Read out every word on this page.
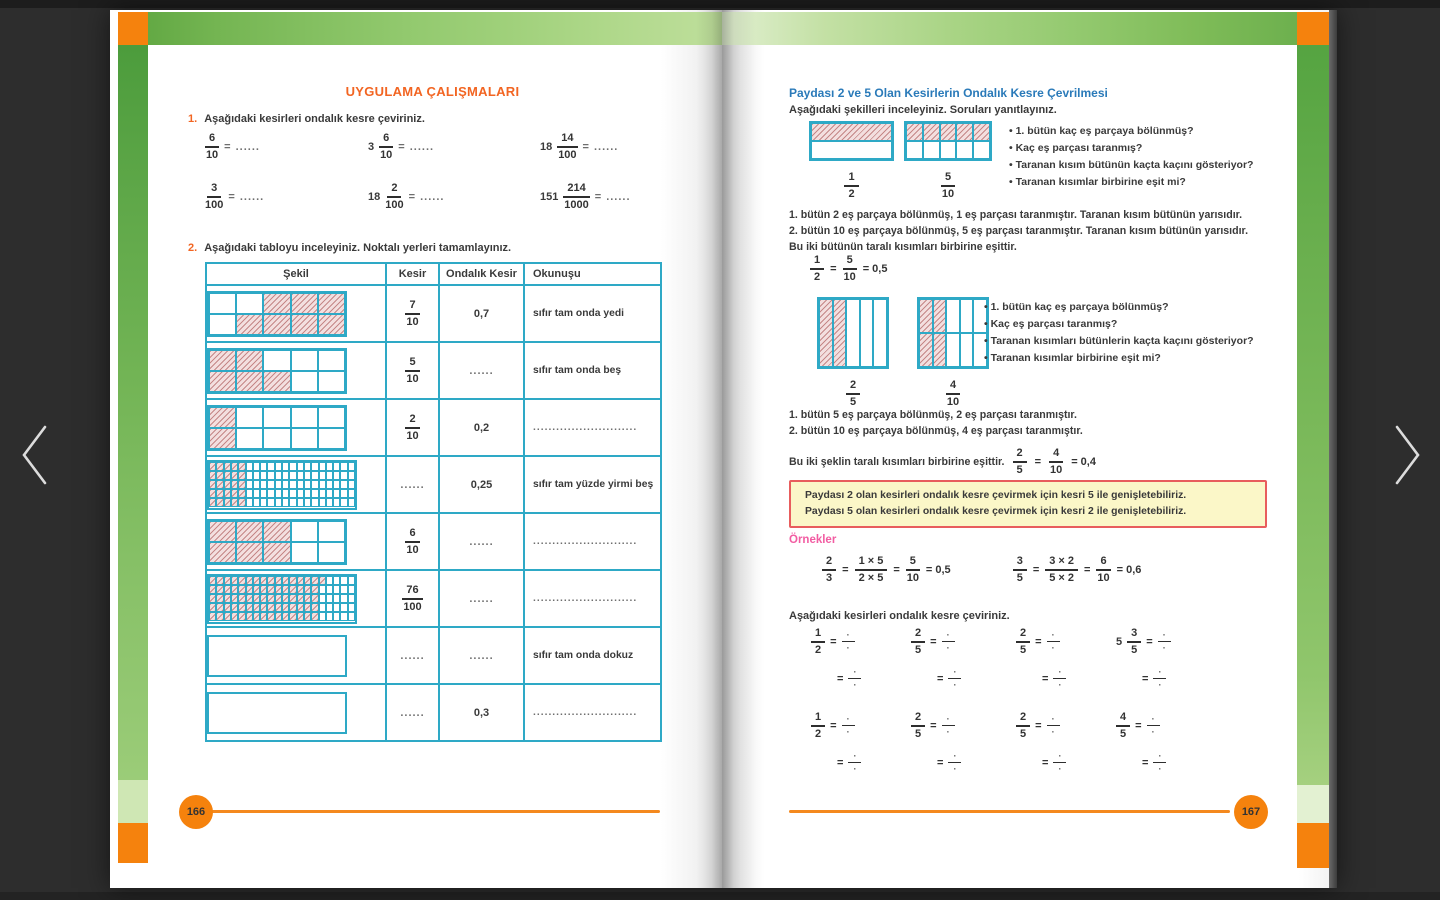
UYGULAMA ÇALIŞMALARI
1. Aşağıdaki kesirleri ondalık kesre çeviriniz.
$\frac{6}{10}$ = ......	$3 \frac{6}{10}$ = ......	$18 \frac{14}{100}$ = ......
$\frac{3}{100}$ = ......	$18 \frac{2}{100}$ = ......	$151 \frac{214}{1000}$ = ......
2. Aşağıdaki tabloyu inceleyiniz. Noktalı yerleri tamamlayınız.
Şekil	Kesir	Ondalık Kesir	Okunuşu

	$\frac{7}{10}$	0,7	sıfır tam onda yedi

	$\frac{5}{10}$	......	sıfır tam onda beş

	$\frac{2}{10}$	0,2	...........................

	......	0,25	sıfır tam yüzde yirmi beş

	$\frac{6}{10}$	......	...........................

	$\frac{76}{100}$	......	...........................

	......	......	sıfır tam onda dokuz

	......	0,3	...........................
166
Paydası 2 ve 5 Olan Kesirlerin Ondalık Kesre Çevrilmesi
Aşağıdaki şekilleri inceleyiniz. Soruları yanıtlayınız.
$\frac{1}{2}$	$\frac{5}{10}$
• 1. bütün kaç eş parçaya bölünmüş?
• Kaç eş parçası taranmış?
• Taranan kısım bütünün kaçta kaçını gösteriyor?
• Taranan kısımlar birbirine eşit mi?
1. bütün 2 eş parçaya bölünmüş, 1 eş parçası taranmıştır. Taranan kısım bütünün yarısıdır.
2. bütün 10 eş parçaya bölünmüş, 5 eş parçası taranmıştır. Taranan kısım bütünün yarısıdır.
Bu iki bütünün taralı kısımları birbirine eşittir.
$\frac{1}{2} = \frac{5}{10} = 0,5$
$\frac{2}{5}$	$\frac{4}{10}$
• 1. bütün kaç eş parçaya bölünmüş?
• Kaç eş parçası taranmış?
• Taranan kısımları bütünlerin kaçta kaçını gösteriyor?
• Taranan kısımlar birbirine eşit mi?
1. bütün 5 eş parçaya bölünmüş, 2 eş parçası taranmıştır.
2. bütün 10 eş parçaya bölünmüş, 4 eş parçası taranmıştır.
Bu iki şeklin taralı kısımları birbirine eşittir. $\frac{2}{5} = \frac{4}{10} = 0,4$
Paydası 2 olan kesirleri ondalık kesre çevirmek için kesri 5 ile genişletebiliriz.
Paydası 5 olan kesirleri ondalık kesre çevirmek için kesri 2 ile genişletebiliriz.
Örnekler
$\frac{2}{3} = \frac{1 \times 5}{2 \times 5} = \frac{5}{10} = 0,5$	$\frac{3}{5} = \frac{3 \times 2}{5 \times 2} = \frac{6}{10} = 0,6$
Aşağıdaki kesirleri ondalık kesre çeviriniz.
$\frac{1}{2} = \frac{\cdot}{\cdot}$
= $\frac{\cdot}{\cdot}$
$\frac{2}{5} = \frac{\cdot}{\cdot}$
= $\frac{\cdot}{\cdot}$
$\frac{2}{5} = \frac{\cdot}{\cdot}$
= $\frac{\cdot}{\cdot}$
$5 \frac{3}{5} = \frac{\cdot}{\cdot}$
= $\frac{\cdot}{\cdot}$
$\frac{1}{2} = \frac{\cdot}{\cdot}$
= $\frac{\cdot}{\cdot}$
$\frac{2}{5} = \frac{\cdot}{\cdot}$
= $\frac{\cdot}{\cdot}$
$\frac{2}{5} = \frac{\cdot}{\cdot}$
= $\frac{\cdot}{\cdot}$
$\frac{4}{5} = \frac{\cdot}{\cdot}$
= $\frac{\cdot}{\cdot}$
167
